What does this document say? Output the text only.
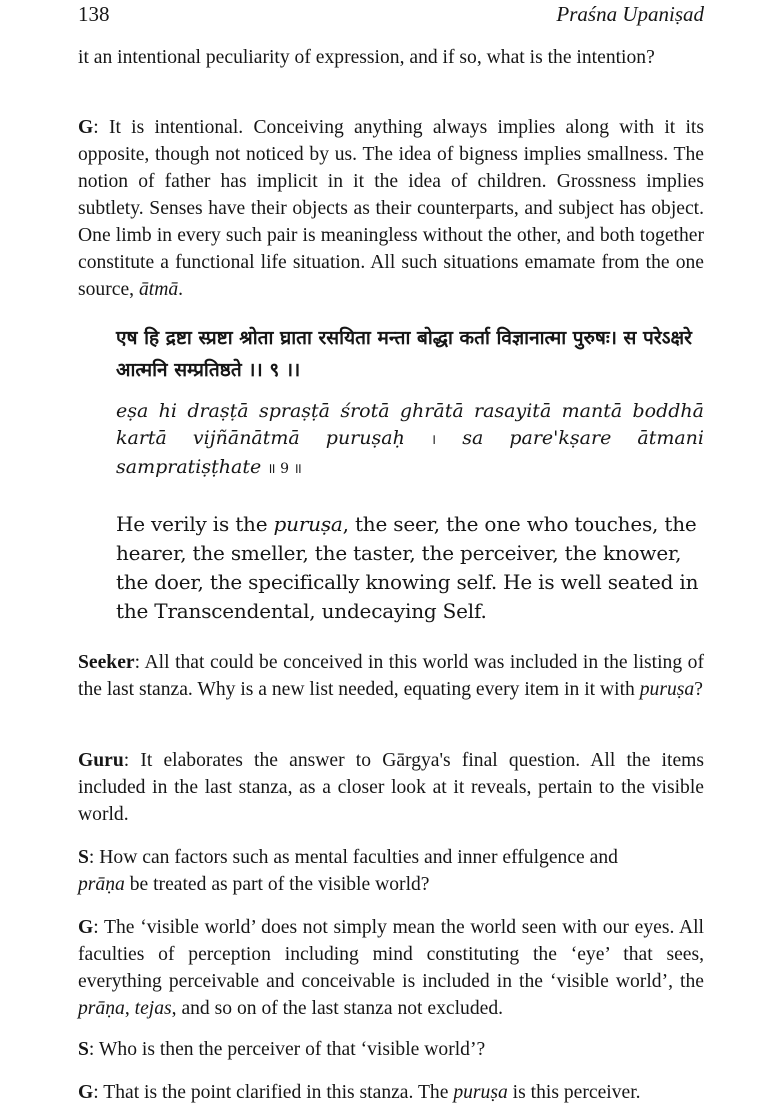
138	Praśna Upaniṣad

it an intentional peculiarity of expression, and if so, what is the intention?

G: It is intentional. Conceiving anything always implies along with it its opposite, though not noticed by us. The idea of bigness implies smallness. The notion of father has implicit in it the idea of children. Grossness implies subtlety. Senses have their objects as their counterparts, and subject has object. One limb in every such pair is meaningless without the other, and both together constitute a functional life situation. All such situations emamate from the one source, ātmā.

एष हि द्रष्टा स्प्रष्टा श्रोता घ्राता रसयिता मन्ता बोद्धा कर्ता विज्ञानात्मा पुरुषः। स परेऽक्षरे आत्मनि सम्प्रतिष्ठते ।। ९ ।।

eṣa hi draṣṭā spraṣṭā śrotā ghrātā rasayitā mantā boddhā kartā vijñānātmā puruṣaḥ । sa pare'kṣare ātmani sampratiṣṭhate ॥ 9 ॥

He verily is the puruṣa, the seer, the one who touches, the hearer, the smeller, the taster, the perceiver, the knower, the doer, the specifically knowing self. He is well seated in the Transcendental, undecaying Self.

Seeker: All that could be conceived in this world was included in the listing of the last stanza. Why is a new list needed, equating every item in it with puruṣa?

Guru: It elaborates the answer to Gārgya's final question. All the items included in the last stanza, as a closer look at it reveals, pertain to the visible world.

S: How can factors such as mental faculties and inner effulgence and
prāṇa be treated as part of the visible world?

G: The ‘visible world’ does not simply mean the world seen with our eyes. All faculties of perception including mind constituting the ‘eye’ that sees, everything perceivable and conceivable is included in the ‘visible world’, the prāṇa, tejas, and so on of the last stanza not excluded.

S: Who is then the perceiver of that ‘visible world’?

G: That is the point clarified in this stanza. The puruṣa is this perceiver.
